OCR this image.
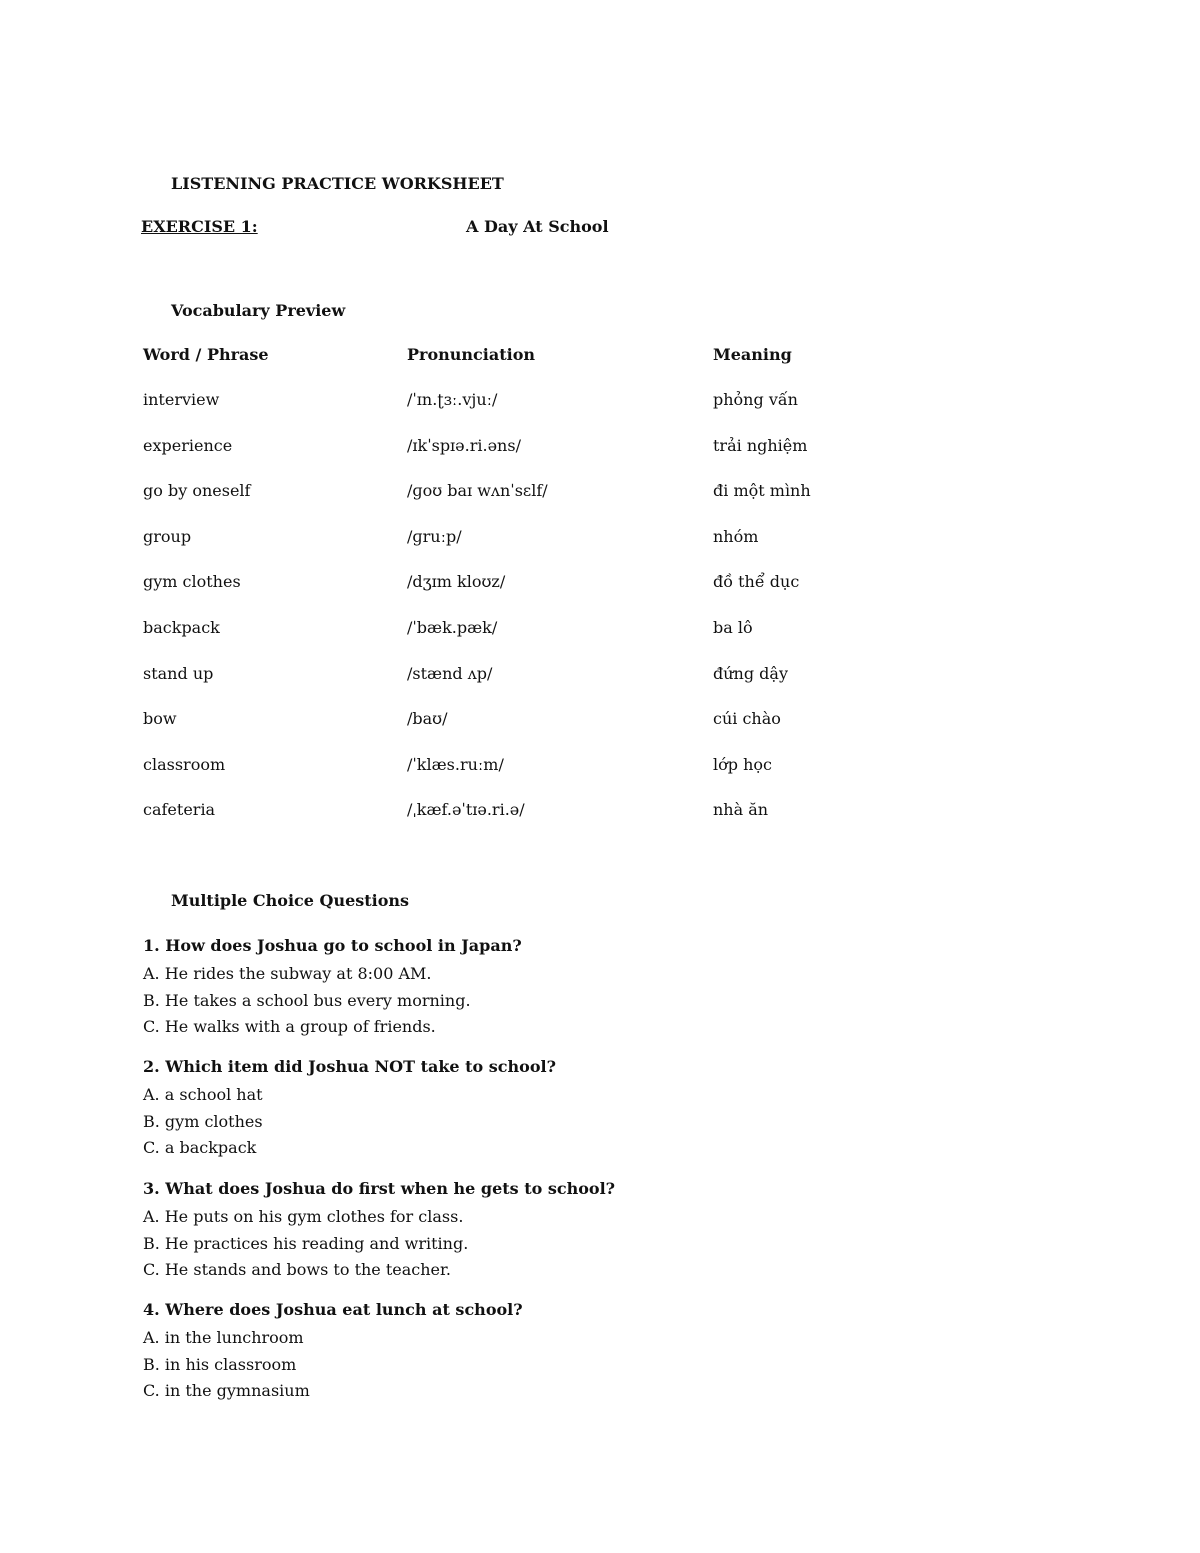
LISTENING PRACTICE WORKSHEET
EXERCISE 1:	A Day At School
Vocabulary Preview
Word / Phrase	Pronunciation	Meaning
interview	/ˈɪn.ʈɜː.vjuː/	phỏng vấn
experience	/ɪkˈspɪə.ri.əns/	trải nghiệm
go by oneself	/ɡoʊ baɪ wʌnˈsɛlf/	đi một mình
group	/ɡruːp/	nhóm
gym clothes	/dʒɪm kloʊz/	đồ thể dục
backpack	/ˈbæk.pæk/	ba lô
stand up	/stænd ʌp/	đứng dậy
bow	/baʊ/	cúi chào
classroom	/ˈklæs.ruːm/	lớp học
cafeteria	/ˌkæf.əˈtɪə.ri.ə/	nhà ăn
Multiple Choice Questions
1. How does Joshua go to school in Japan?
A. He rides the subway at 8:00 AM.
B. He takes a school bus every morning.
C. He walks with a group of friends.
2. Which item did Joshua NOT take to school?
A. a school hat
B. gym clothes
C. a backpack
3. What does Joshua do first when he gets to school?
A. He puts on his gym clothes for class.
B. He practices his reading and writing.
C. He stands and bows to the teacher.
4. Where does Joshua eat lunch at school?
A. in the lunchroom
B. in his classroom
C. in the gymnasium
